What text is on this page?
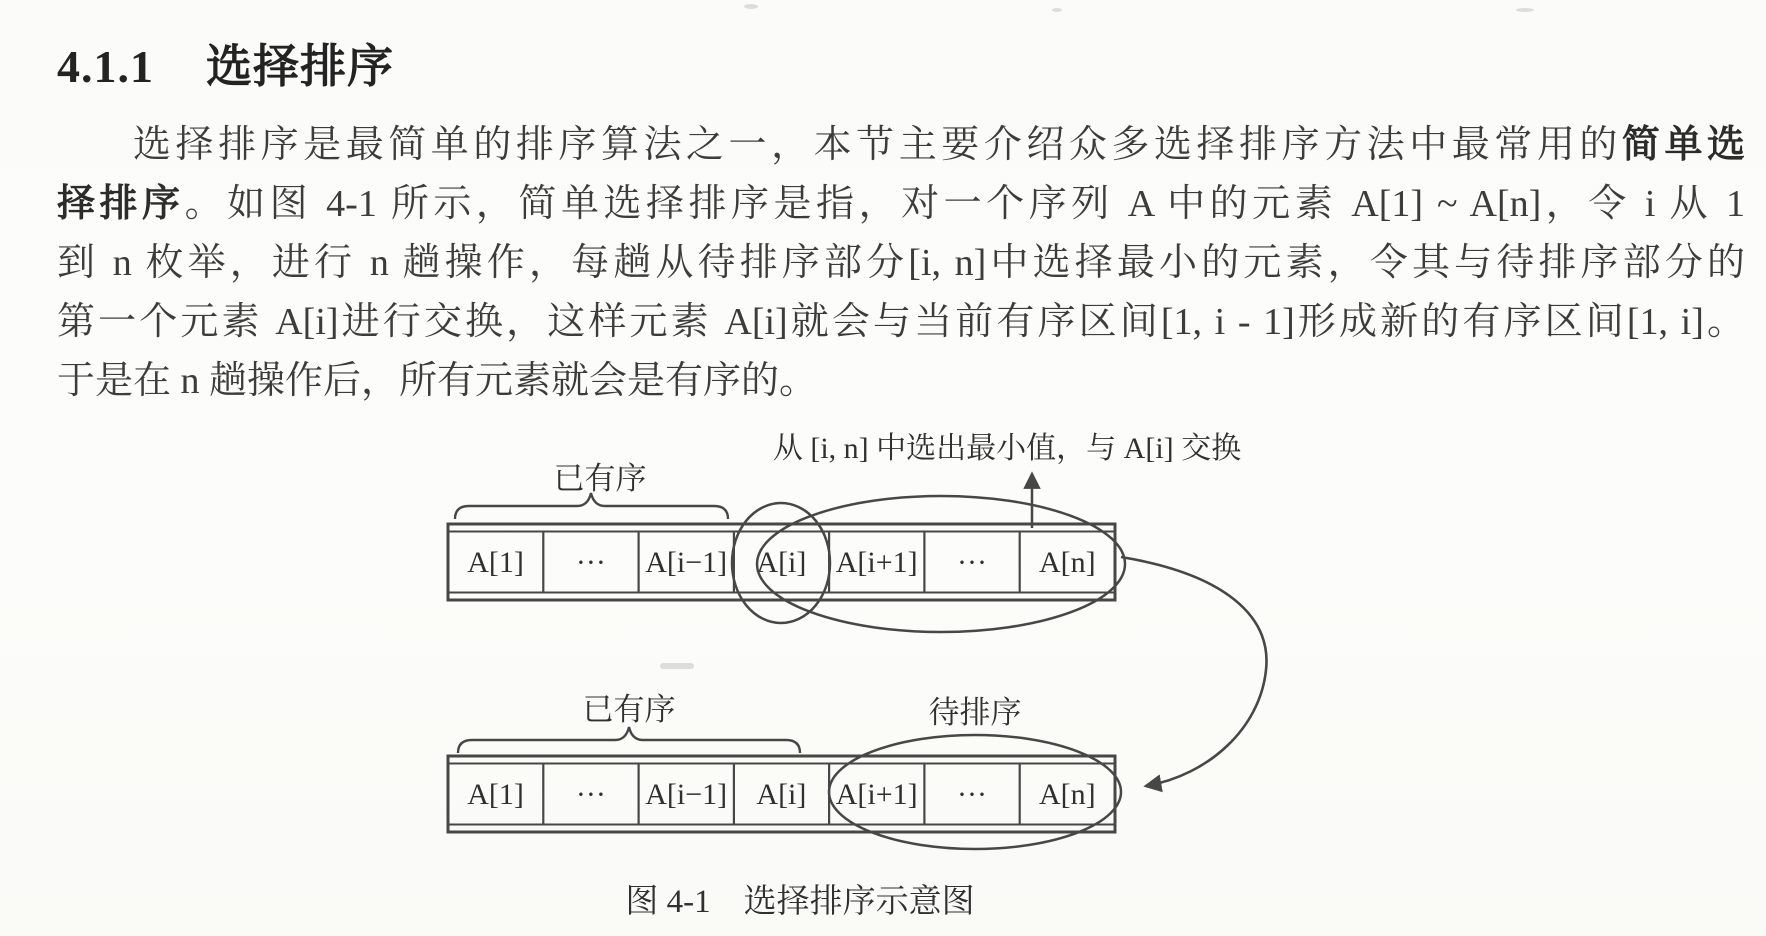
4.1.1 选择排序
选择排序是最简单的排序算法之一，本节主要介绍众多选择排序方法中最常用的简单选
择排序。如图 4-1 所示，简单选择排序是指，对一个序列 A 中的元素 A[1] ~ A[n]，令 i 从 1
到 n 枚举，进行 n 趟操作，每趟从待排序部分[i, n]中选择最小的元素，令其与待排序部分的
第一个元素 A[i]进行交换，这样元素 A[i]就会与当前有序区间[1, i - 1]形成新的有序区间[1, i]。
于是在 n 趟操作后，所有元素就会是有序的。
从 [i, n] 中选出最小值，与 A[i] 交换
已有序
A[1] ··· A[i−1] A[i] A[i+1] ··· A[n]
已有序	待排序
A[1] ··· A[i−1] A[i] A[i+1] ··· A[n]
图 4-1　选择排序示意图
